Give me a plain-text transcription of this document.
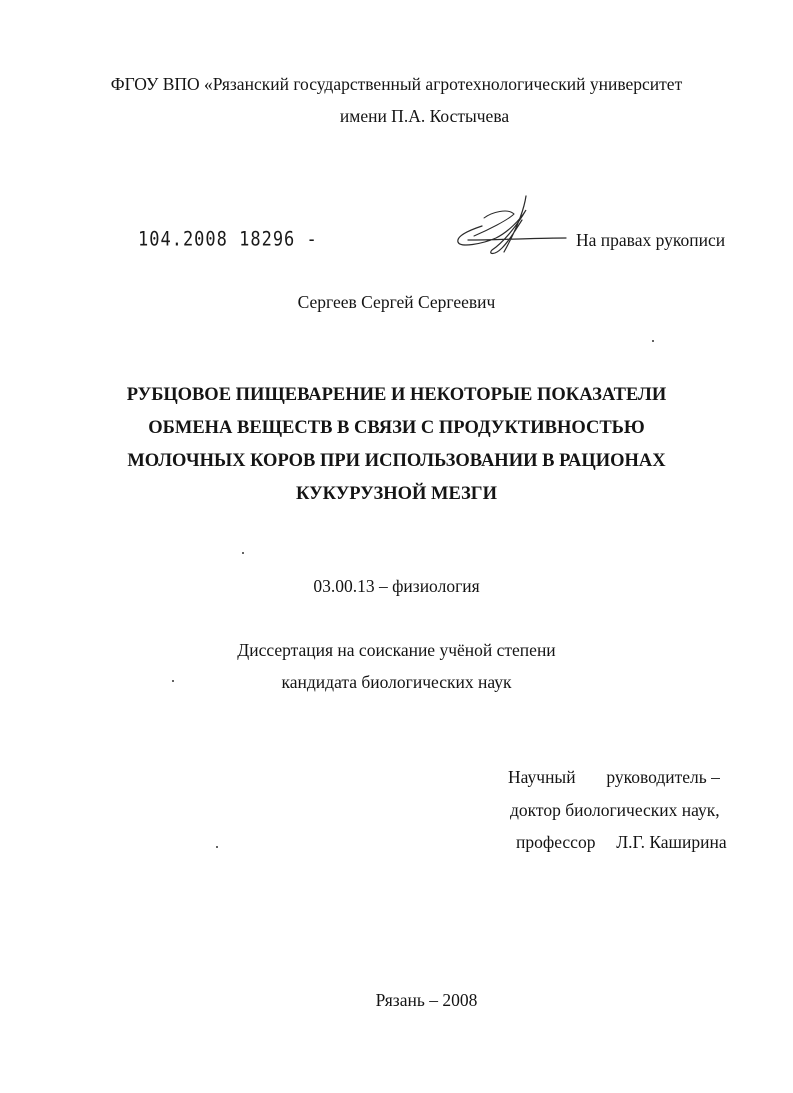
ФГОУ ВПО «Рязанский государственный агротехнологический университет
имени П.А. Костычева
104.2008 18296 -	На правах рукописи
Сергеев Сергей Сергеевич
РУБЦОВОЕ ПИЩЕВАРЕНИЕ И НЕКОТОРЫЕ ПОКАЗАТЕЛИ
ОБМЕНА ВЕЩЕСТВ В СВЯЗИ С ПРОДУКТИВНОСТЬЮ
МОЛОЧНЫХ КОРОВ ПРИ ИСПОЛЬЗОВАНИИ В РАЦИОНАХ
КУКУРУЗНОЙ МЕЗГИ
03.00.13 – физиология
Диссертация на соискание учёной степени
кандидата биологических наук
Научный руководитель –
доктор биологических наук,
профессор Л.Г. Каширина
Рязань – 2008
